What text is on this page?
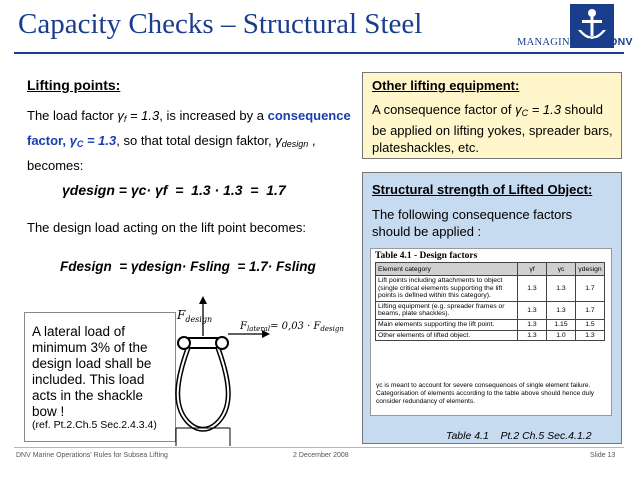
Capacity Checks – Structural Steel
MANAGING RISK DNV
Lifting points:
The load factor γf = 1.3, is increased by a consequence factor, γC = 1.3, so that total design faktor, γdesign , becomes:
γdesign = γc· γf  =  1.3 · 1.3  =  1.7
The design load acting on the lift point becomes:
Fdesign  = γdesign· Fsling  = 1.7· Fsling
A lateral load of minimum 3% of the design load shall be included. This load acts in the shackle bow !
(ref. Pt.2.Ch.5 Sec.2.4.3.4)
$F_{design}$
$F_{lateral}= 0,03 \cdot F_{design}$
Other lifting equipment:
A consequence factor of γC = 1.3 should be applied on lifting yokes, spreader bars, plateshackles, etc.
Structural strength of Lifted Object:
The following consequence factors should be applied :
Table 4.1 - Design factors
Element category	γf	γc	γdesign
Lift points including attachments to object (single critical elements supporting the lift points is defined within this category).	1.3	1.3	1.7
Lifting equipment (e.g. spreader frames or beams, plate shackles).	1.3	1.3	1.7
Main elements supporting the lift point.	1.3	1.15	1.5
Other elements of lifted object.	1.3	1.0	1.3
γc is meant to account for severe consequences of single element failure. Categorisation of elements according to the table above should hence duly consider redundancy of elements.
Table 4.1    Pt.2 Ch.5 Sec.4.1.2
DNV Marine Operations' Rules for Subsea Lifting	2 December 2008	Slide 13
